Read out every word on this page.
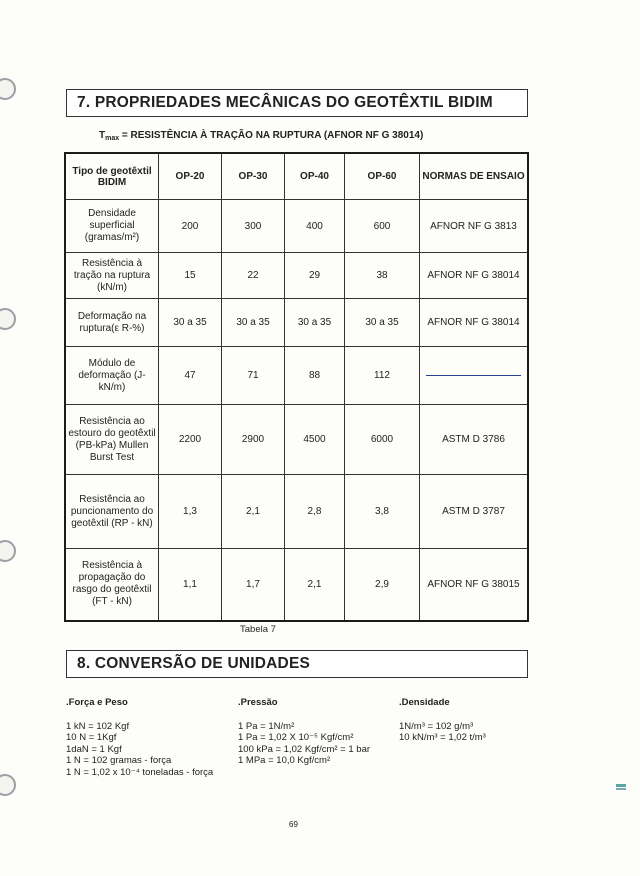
7. PROPRIEDADES MECÂNICAS DO GEOTÊXTIL BIDIM
$T_{max}$ = RESISTÊNCIA À TRAÇÃO NA RUPTURA (AFNOR NF G 38014)
Tipo de geotêxtil BIDIM	OP-20	OP-30	OP-40	OP-60	NORMAS DE ENSAIO
Densidade superficial (gramas/m²)	200	300	400	600	AFNOR NF G 3813
Resistência à tração na ruptura (kN/m)	15	22	29	38	AFNOR NF G 38014
Deformação na ruptura(ε R-%)	30 a 35	30 a 35	30 a 35	30 a 35	AFNOR NF G 38014
Módulo de deformação (J-kN/m)	47	71	88	112	
Resistência ao estouro do geotêxtil (PB-kPa) Mullen Burst Test	2200	2900	4500	6000	ASTM D 3786
Resistência ao puncionamento do geotêxtil (RP - kN)	1,3	2,1	2,8	3,8	ASTM D 3787
Resistência à propagação do rasgo do geotêxtil (FT - kN)	1,1	1,7	2,1	2,9	AFNOR NF G 38015
Tabela 7
8. CONVERSÃO DE UNIDADES
.Força e Peso
1 kN = 102 Kgf
10 N = 1Kgf
1daN = 1 Kgf
1 N = 102 gramas - força
1 N = 1,02 x 10⁻⁴ toneladas - força
.Pressão
1 Pa = 1N/m²
1 Pa = 1,02 X 10⁻⁵ Kgf/cm²
100 kPa = 1,02 Kgf/cm² = 1 bar
1 MPa = 10,0 Kgf/cm²
.Densidade
1N/m³ = 102 g/m³
10 kN/m³ = 1,02 t/m³
69
